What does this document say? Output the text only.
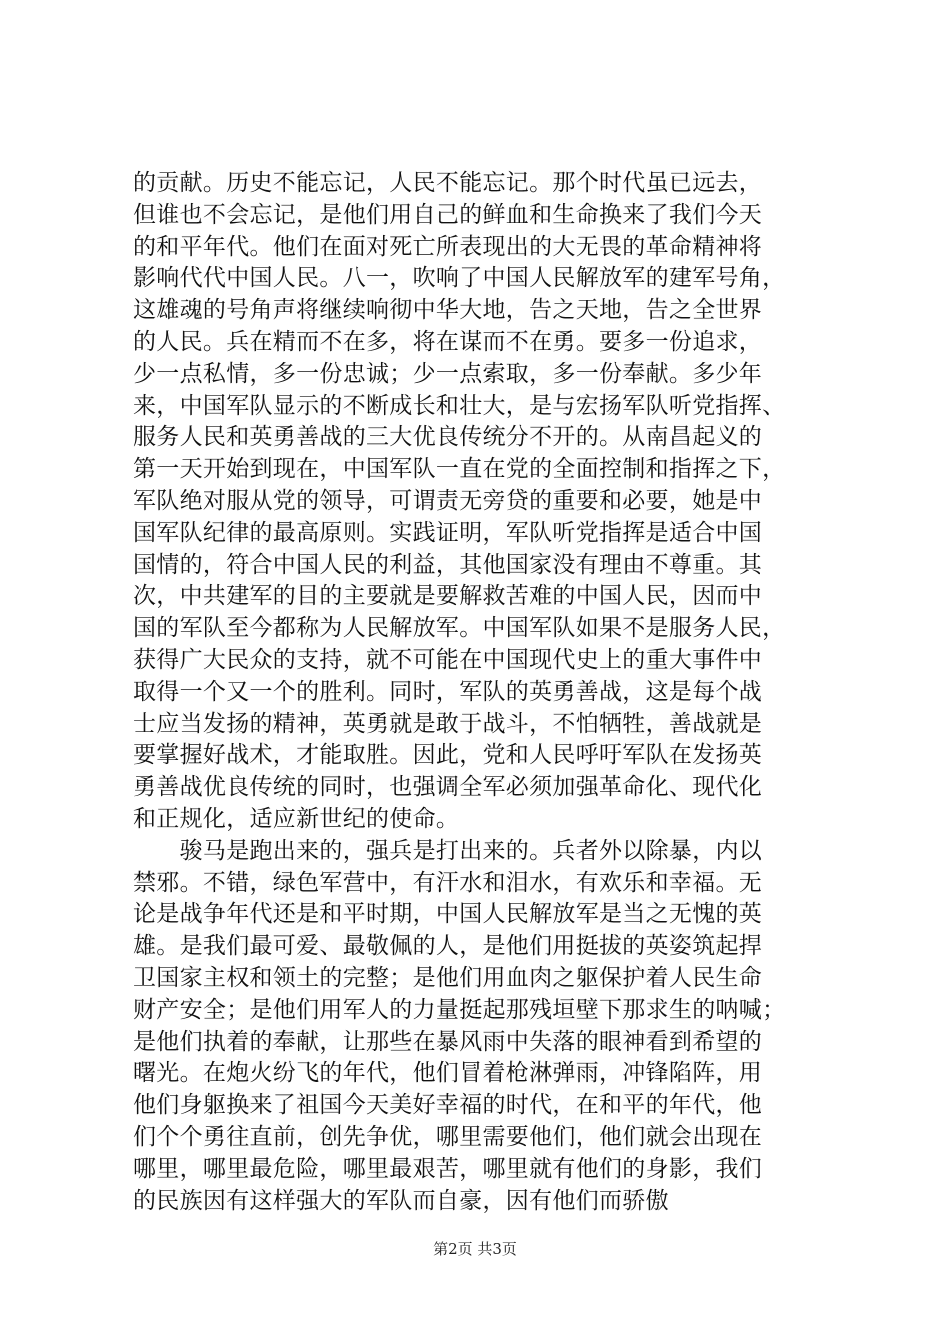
的贡献。历史不能忘记，人民不能忘记。那个时代虽已远去，
但谁也不会忘记，是他们用自己的鲜血和生命换来了我们今天
的和平年代。他们在面对死亡所表现出的大无畏的革命精神将
影响代代中国人民。八一，吹响了中国人民解放军的建军号角，
这雄魂的号角声将继续响彻中华大地，告之天地，告之全世界
的人民。兵在精而不在多，将在谋而不在勇。要多一份追求，
少一点私情，多一份忠诚；少一点索取，多一份奉献。多少年
来，中国军队显示的不断成长和壮大，是与宏扬军队听党指挥、
服务人民和英勇善战的三大优良传统分不开的。从南昌起义的
第一天开始到现在，中国军队一直在党的全面控制和指挥之下，
军队绝对服从党的领导，可谓责无旁贷的重要和必要，她是中
国军队纪律的最高原则。实践证明，军队听党指挥是适合中国
国情的，符合中国人民的利益，其他国家没有理由不尊重。其
次，中共建军的目的主要就是要解救苦难的中国人民，因而中
国的军队至今都称为人民解放军。中国军队如果不是服务人民，
获得广大民众的支持，就不可能在中国现代史上的重大事件中
取得一个又一个的胜利。同时，军队的英勇善战，这是每个战
士应当发扬的精神，英勇就是敢于战斗，不怕牺牲，善战就是
要掌握好战术，才能取胜。因此，党和人民呼吁军队在发扬英
勇善战优良传统的同时，也强调全军必须加强革命化、现代化
和正规化，适应新世纪的使命。
　　骏马是跑出来的，强兵是打出来的。兵者外以除暴，内以
禁邪。不错，绿色军营中，有汗水和泪水，有欢乐和幸福。无
论是战争年代还是和平时期，中国人民解放军是当之无愧的英
雄。是我们最可爱、最敬佩的人，是他们用挺拔的英姿筑起捍
卫国家主权和领土的完整；是他们用血肉之躯保护着人民生命
财产安全；是他们用军人的力量挺起那残垣壁下那求生的呐喊；
是他们执着的奉献，让那些在暴风雨中失落的眼神看到希望的
曙光。在炮火纷飞的年代，他们冒着枪淋弹雨，冲锋陷阵，用
他们身躯换来了祖国今天美好幸福的时代，在和平的年代，他
们个个勇往直前，创先争优，哪里需要他们，他们就会出现在
哪里，哪里最危险，哪里最艰苦，哪里就有他们的身影，我们
的民族因有这样强大的军队而自豪，因有他们而骄傲
第2页 共3页
